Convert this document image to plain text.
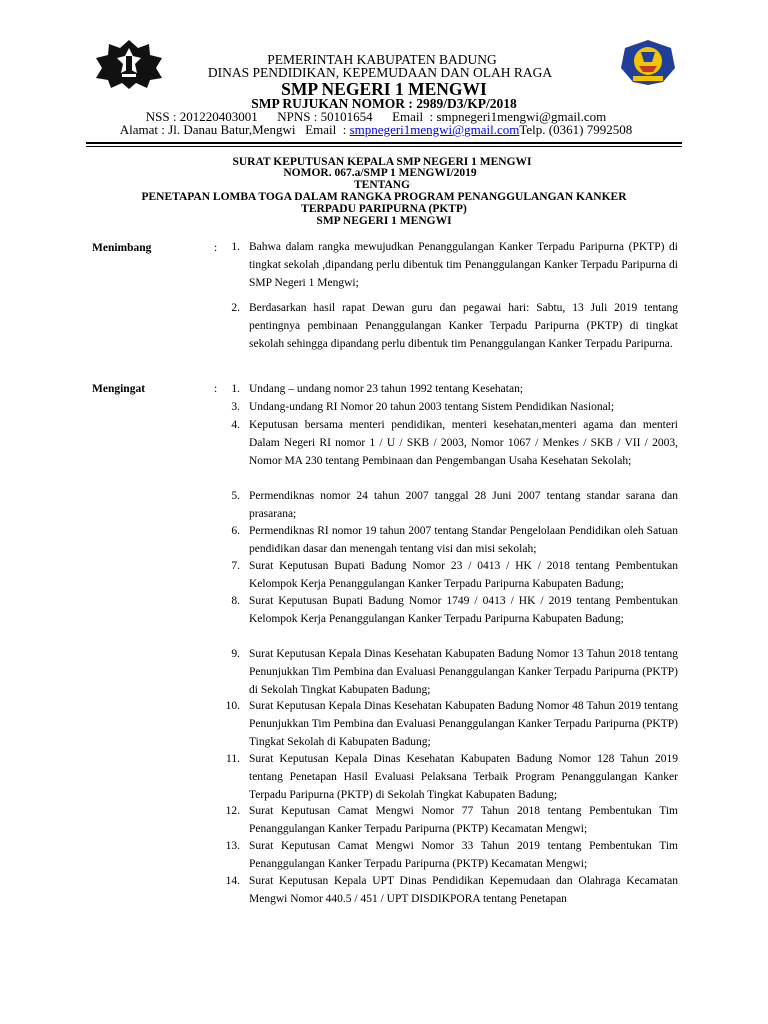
PEMERINTAH KABUPATEN BADUNG
DINAS PENDIDIKAN, KEPEMUDAAN DAN OLAH RAGA
SMP NEGERI 1 MENGWI
SMP RUJUKAN NOMOR : 2989/D3/KP/2018
NSS : 201220403001 NPNS : 50101654 Email  : smpnegeri1mengwi@gmail.com
Alamat : Jl. Danau Batur,Mengwi Email  : smpnegeri1mengwi@gmail.comTelp. (0361) 7992508
SURAT KEPUTUSAN KEPALA SMP NEGERI 1 MENGWI
NOMOR. 067.a/SMP 1 MENGWI/2019
TENTANG
PENETAPAN LOMBA TOGA DALAM RANGKA PROGRAM PENANGGULANGAN KANKER
TERPADU PARIPURNA (PKTP)
SMP NEGERI 1 MENGWI
Menimbang	:	1. Bahwa dalam rangka mewujudkan Penanggulangan Kanker Terpadu Paripurna (PKTP) di tingkat sekolah ,dipandang perlu dibentuk tim Penanggulangan Kanker Terpadu Paripurna di SMP Negeri 1 Mengwi;
2. Berdasarkan hasil rapat Dewan guru dan pegawai hari: Sabtu, 13 Juli 2019 tentang pentingnya pembinaan Penanggulangan Kanker Terpadu Paripurna (PKTP) di tingkat sekolah sehingga dipandang perlu dibentuk tim Penanggulangan Kanker Terpadu Paripurna.
Mengingat	:	1. Undang – undang nomor 23 tahun 1992 tentang Kesehatan;
3. Undang-undang RI Nomor 20 tahun 2003 tentang Sistem Pendidikan Nasional;
4. Keputusan bersama menteri pendidikan, menteri kesehatan,menteri agama dan menteri Dalam Negeri RI nomor 1 / U / SKB / 2003, Nomor 1067 / Menkes / SKB / VII / 2003, Nomor MA 230 tentang Pembinaan dan Pengembangan Usaha Kesehatan Sekolah;
5. Permendiknas nomor 24 tahun 2007 tanggal 28 Juni 2007 tentang standar sarana dan prasarana;
6. Permendiknas RI nomor 19 tahun 2007 tentang Standar Pengelolaan Pendidikan oleh Satuan pendidikan dasar dan menengah tentang visi dan misi sekolah;
7. Surat Keputusan Bupati Badung Nomor 23 / 0413 / HK / 2018 tentang Pembentukan Kelompok Kerja Penanggulangan Kanker Terpadu Paripurna Kabupaten Badung;
8. Surat Keputusan Bupati Badung Nomor 1749 / 0413 / HK / 2019 tentang Pembentukan Kelompok Kerja Penanggulangan Kanker Terpadu Paripurna Kabupaten Badung;
9. Surat Keputusan Kepala Dinas Kesehatan Kabupaten Badung Nomor 13 Tahun 2018 tentang Penunjukkan Tim Pembina dan Evaluasi Penanggulangan Kanker Terpadu Paripurna (PKTP) di Sekolah Tingkat Kabupaten Badung;
10. Surat Keputusan Kepala Dinas Kesehatan Kabupaten Badung Nomor 48 Tahun 2019 tentang Penunjukkan Tim Pembina dan Evaluasi Penanggulangan Kanker Terpadu Paripurna (PKTP) Tingkat Sekolah di Kabupaten Badung;
11. Surat Keputusan Kepala Dinas Kesehatan Kabupaten Badung Nomor 128 Tahun 2019 tentang Penetapan Hasil Evaluasi Pelaksana Terbaik Program Penanggulangan Kanker Terpadu Paripurna (PKTP) di Sekolah Tingkat Kabupaten Badung;
12. Surat Keputusan Camat Mengwi Nomor 77 Tahun 2018 tentang Pembentukan Tim Penanggulangan Kanker Terpadu Paripurna (PKTP) Kecamatan Mengwi;
13. Surat Keputusan Camat Mengwi Nomor 33 Tahun 2019 tentang Pembentukan Tim Penanggulangan Kanker Terpadu Paripurna (PKTP) Kecamatan Mengwi;
14. Surat Keputusan Kepala UPT Dinas Pendidikan Kepemudaan dan Olahraga Kecamatan Mengwi Nomor 440.5 / 451 / UPT DISDIKPORA tentang Penetapan
